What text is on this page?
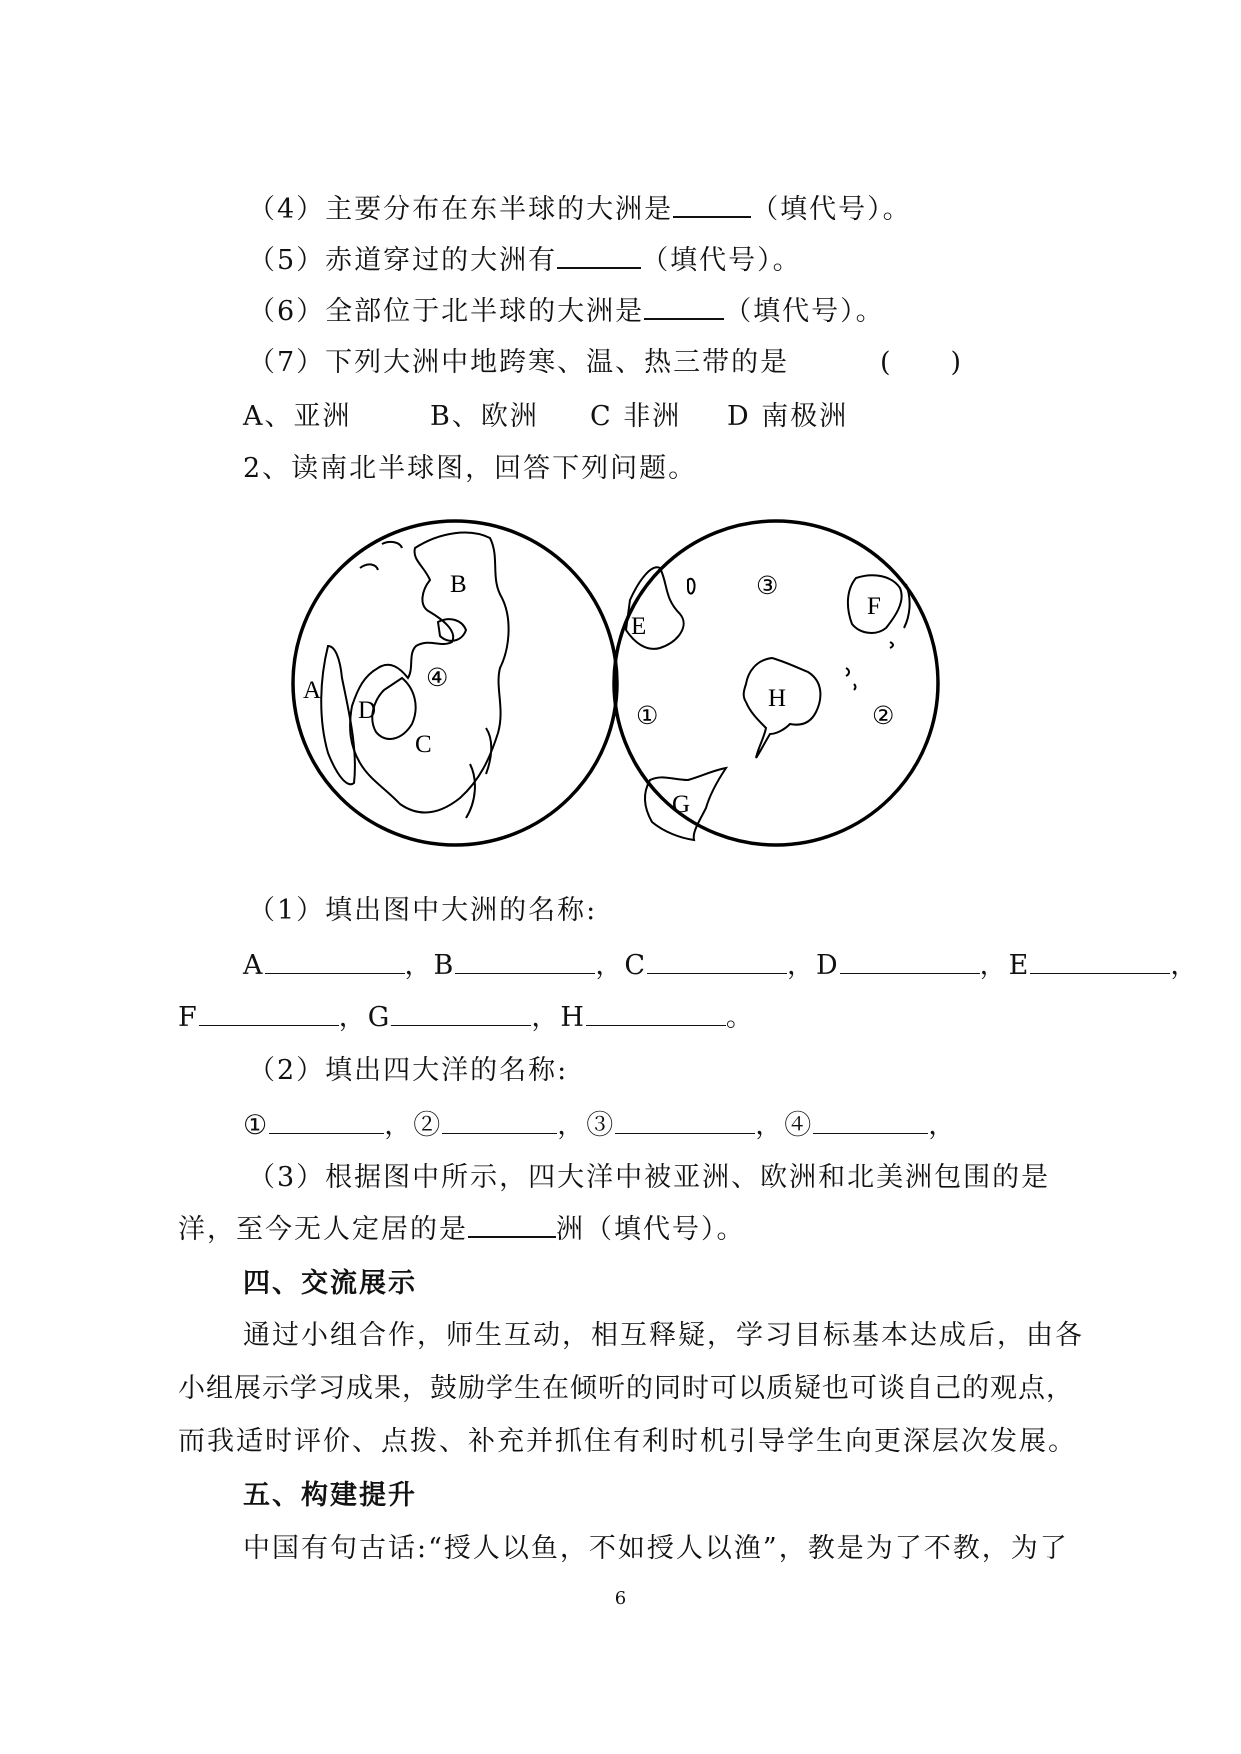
（4）主要分布在东半球的大洲是	（填代号）。
（5）赤道穿过的大洲有	（填代号）。
（6）全部位于北半球的大洲是	（填代号）。
（7）下列大洲中地跨寒、温、热三带的是	(　　)
A、亚洲	B、欧洲 C 非洲 D 南极洲
2、读南北半球图，回答下列问题。
A
B
C
D
④
E
F
G
H
①	②
③
（1）填出图中大洲的名称:
A	，B	，C	，D	，E	，
F	，G	，H	。
（2）填出四大洋的名称:
①	，②	，③	，④	，
（3）根据图中所示，四大洋中被亚洲、欧洲和北美洲包围的是
洋，至今无人定居的是	洲（填代号）。
四、交流展示
通过小组合作，师生互动，相互释疑，学习目标基本达成后，由各
小组展示学习成果，鼓励学生在倾听的同时可以质疑也可谈自己的观点，
而我适时评价、点拨、补充并抓住有利时机引导学生向更深层次发展。
五、构建提升
中国有句古话:“授人以鱼，不如授人以渔”，教是为了不教，为了
6
